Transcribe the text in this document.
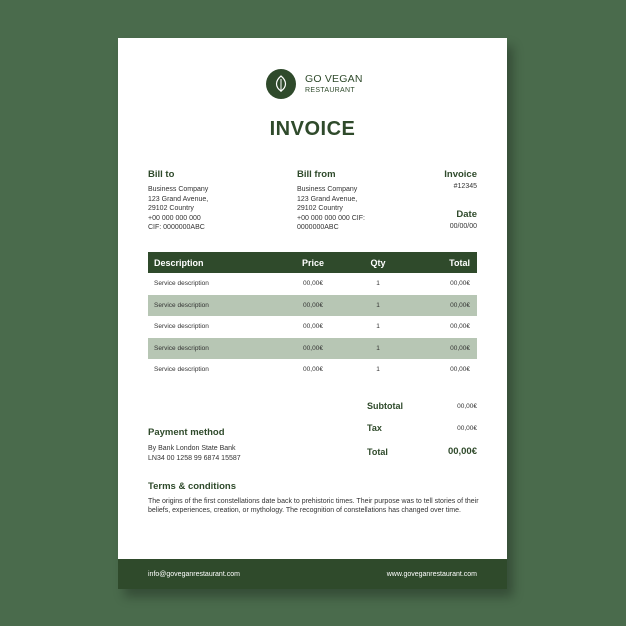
GO VEGAN
RESTAURANT
INVOICE
Bill to
Business Company
123 Grand Avenue,
29102 Country
+00 000 000 000
CIF: 0000000ABC
Bill from
Business Company
123 Grand Avenue,
29102 Country
+00 000 000 000 CIF:
0000000ABC
Invoice
#12345
Date
00/00/00
Description	Price	Qty	Total
Service description	00,00€	1	00,00€
Service description	00,00€	1	00,00€
Service description	00,00€	1	00,00€
Service description	00,00€	1	00,00€
Service description	00,00€	1	00,00€
Subtotal	00,00€
Tax	00,00€
Total	00,00€
Payment method
By Bank London State Bank
LN34 00 1258 99 6874 15587
Terms & conditions
The origins of the first constellations date back to prehistoric times. Their purpose was to tell stories of their beliefs, experiences, creation, or mythology. The recognition of constellations has changed over time.
info@goveganrestaurant.com	www.goveganrestaurant.com
